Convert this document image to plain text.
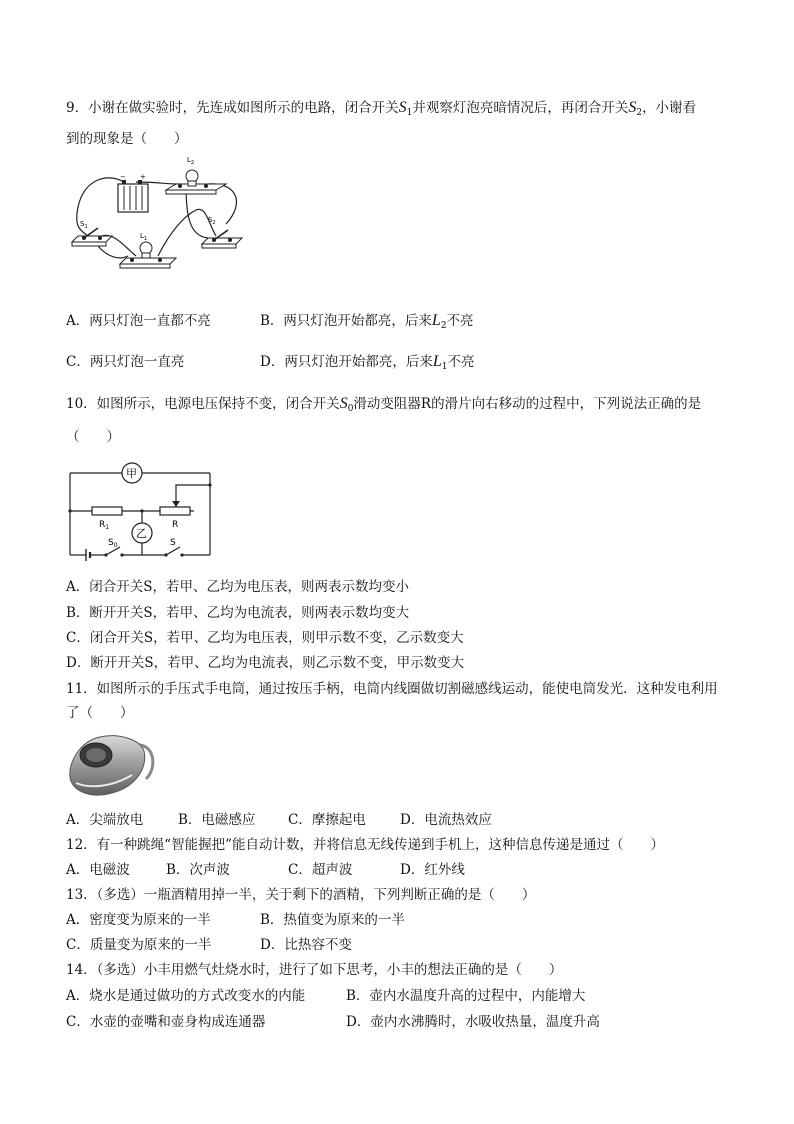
9．小谢在做实验时，先连成如图所示的电路，闭合开关$S_1$并观察灯泡亮暗情况后，再闭合开关$S_2$，小谢看
到的现象是（　　）
− +
$L_2$
$S_1$
$S_2$
$L_1$
A．两只灯泡一直都不亮	B．两只灯泡开始都亮，后来$L_2$不亮
C．两只灯泡一直亮	D．两只灯泡开始都亮，后来$L_1$不亮
10．如图所示，电源电压保持不变，闭合开关$S_0$滑动变阻器R的滑片向右移动的过程中，下列说法正确的是
（　　）
甲
$R_1$	R
乙
$S_0$	S
A．闭合开关S，若甲、乙均为电压表，则两表示数均变小
B．断开开关S，若甲、乙均为电流表，则两表示数均变大
C．闭合开关S，若甲、乙均为电压表，则甲示数不变，乙示数变大
D．断开开关S，若甲、乙均为电流表，则乙示数不变，甲示数变大
11．如图所示的手压式手电筒，通过按压手柄，电筒内线圈做切割磁感线运动，能使电筒发光．这种发电利用
了（　　）
A．尖端放电	B．电磁感应 C．摩擦起电	D．电流热效应
12．有一种跳绳“智能握把”能自动计数，并将信息无线传递到手机上，这种信息传递是通过（　　）
A．电磁波	B．次声波	C．超声波	D．红外线
13．（多选）一瓶酒精用掉一半，关于剩下的酒精，下列判断正确的是（　　）
A．密度变为原来的一半	B．热值变为原来的一半
C．质量变为原来的一半	D．比热容不变
14．（多选）小丰用燃气灶烧水时，进行了如下思考，小丰的想法正确的是（　　）
A．烧水是通过做功的方式改变水的内能	B．壶内水温度升高的过程中，内能增大
C．水壶的壶嘴和壶身构成连通器	D．壶内水沸腾时，水吸收热量，温度升高
